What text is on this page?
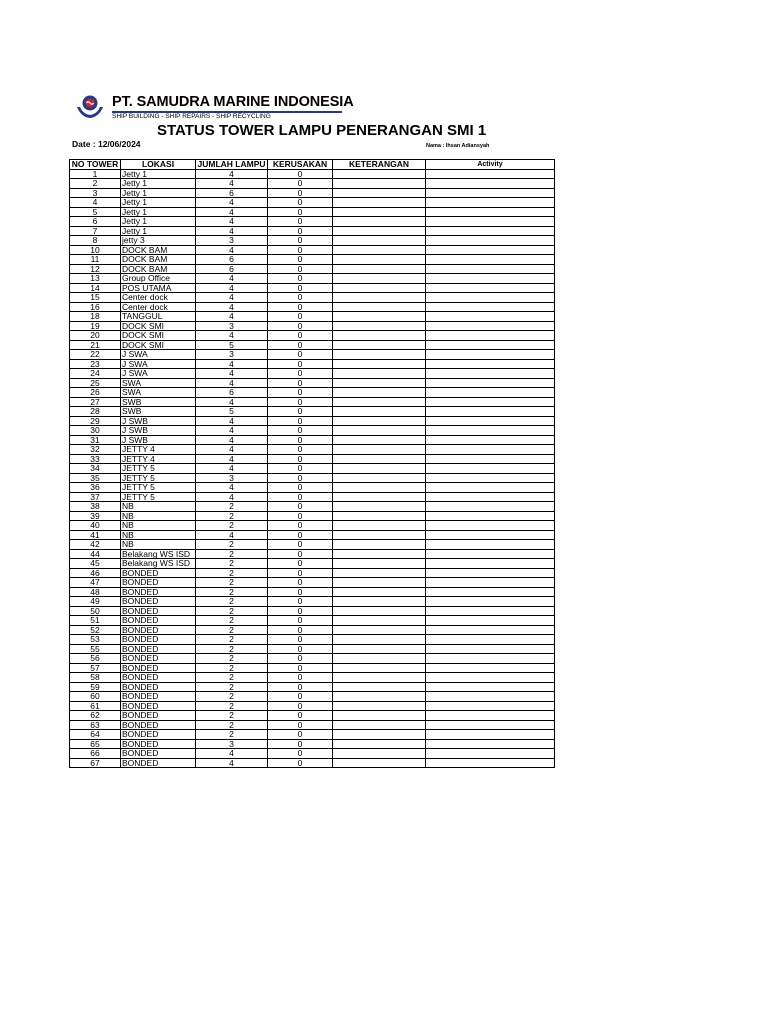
PT. SAMUDRA MARINE INDONESIA
SHIP BUILDING - SHIP REPAIRS - SHIP RECYCLING
STATUS TOWER LAMPU PENERANGAN SMI 1
Date : 12/06/2024	Nama : Ihsan Adiansyah
NO TOWER	LOKASI	JUMLAH LAMPU	KERUSAKAN	KETERANGAN	Activity
1	Jetty 1	4	0		
2	Jetty 1	4	0		
3	Jetty 1	6	0		
4	Jetty 1	4	0		
5	Jetty 1	4	0		
6	Jetty 1	4	0		
7	Jetty 1	4	0		
8	jetty 3	3	0		
10	DOCK BAM	4	0		
11	DOCK BAM	6	0		
12	DOCK BAM	6	0		
13	Group Office	4	0		
14	POS UTAMA	4	0		
15	Center dock	4	0		
16	Center dock	4	0		
18	TANGGUL	4	0		
19	DOCK SMI	3	0		
20	DOCK SMI	4	0		
21	DOCK SMI	5	0		
22	J SWA	3	0		
23	J SWA	4	0		
24	J SWA	4	0		
25	SWA	4	0		
26	SWA	6	0		
27	SWB	4	0		
28	SWB	5	0		
29	J SWB	4	0		
30	J SWB	4	0		
31	J SWB	4	0		
32	JETTY 4	4	0		
33	JETTY 4	4	0		
34	JETTY 5	4	0		
35	JETTY 5	3	0		
36	JETTY 5	4	0		
37	JETTY 5	4	0		
38	NB	2	0		
39	NB	2	0		
40	NB	2	0		
41	NB	4	0		
42	NB	2	0		
44	Belakang WS ISD	2	0		
45	Belakang WS ISD	2	0		
46	BONDED	2	0		
47	BONDED	2	0		
48	BONDED	2	0		
49	BONDED	2	0		
50	BONDED	2	0		
51	BONDED	2	0		
52	BONDED	2	0		
53	BONDED	2	0		
55	BONDED	2	0		
56	BONDED	2	0		
57	BONDED	2	0		
58	BONDED	2	0		
59	BONDED	2	0		
60	BONDED	2	0		
61	BONDED	2	0		
62	BONDED	2	0		
63	BONDED	2	0		
64	BONDED	2	0		
65	BONDED	3	0		
66	BONDED	4	0		
67	BONDED	4	0		
